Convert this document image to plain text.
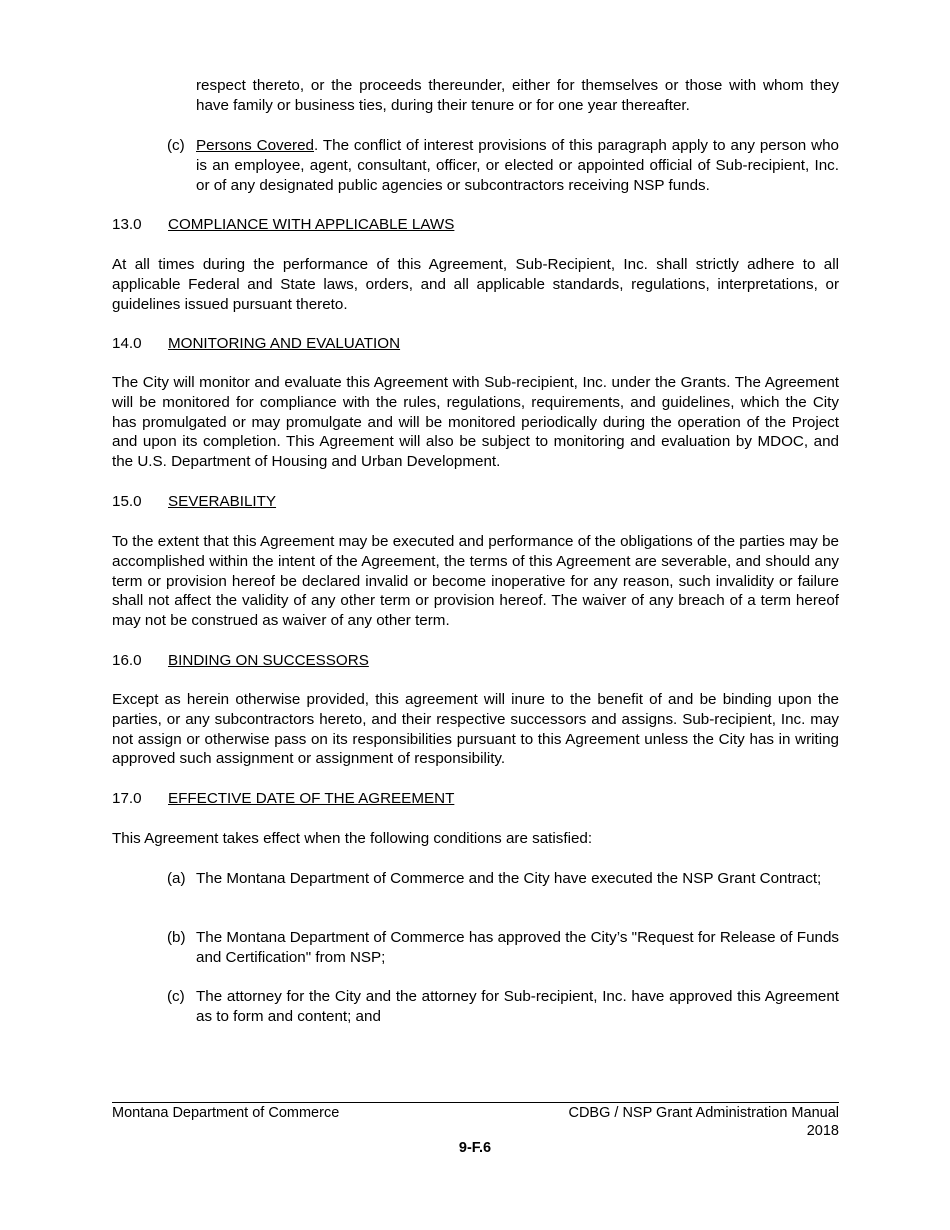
respect thereto, or the proceeds thereunder, either for themselves or those with whom they have family or business ties, during their tenure or for one year thereafter.
(c) Persons Covered. The conflict of interest provisions of this paragraph apply to any person who is an employee, agent, consultant, officer, or elected or appointed official of Sub-recipient, Inc. or of any designated public agencies or subcontractors receiving NSP funds.
13.0 COMPLIANCE WITH APPLICABLE LAWS
At all times during the performance of this Agreement, Sub-Recipient, Inc. shall strictly adhere to all applicable Federal and State laws, orders, and all applicable standards, regulations, interpretations, or guidelines issued pursuant thereto.
14.0 MONITORING AND EVALUATION
The City will monitor and evaluate this Agreement with Sub-recipient, Inc. under the Grants. The Agreement will be monitored for compliance with the rules, regulations, requirements, and guidelines, which the City has promulgated or may promulgate and will be monitored periodically during the operation of the Project and upon its completion. This Agreement will also be subject to monitoring and evaluation by MDOC, and the U.S. Department of Housing and Urban Development.
15.0 SEVERABILITY
To the extent that this Agreement may be executed and performance of the obligations of the parties may be accomplished within the intent of the Agreement, the terms of this Agreement are severable, and should any term or provision hereof be declared invalid or become inoperative for any reason, such invalidity or failure shall not affect the validity of any other term or provision hereof. The waiver of any breach of a term hereof may not be construed as waiver of any other term.
16.0 BINDING ON SUCCESSORS
Except as herein otherwise provided, this agreement will inure to the benefit of and be binding upon the parties, or any subcontractors hereto, and their respective successors and assigns. Sub-recipient, Inc. may not assign or otherwise pass on its responsibilities pursuant to this Agreement unless the City has in writing approved such assignment or assignment of responsibility.
17.0 EFFECTIVE DATE OF THE AGREEMENT
This Agreement takes effect when the following conditions are satisfied:
(a) The Montana Department of Commerce and the City have executed the NSP Grant Contract;
(b) The Montana Department of Commerce has approved the City’s "Request for Release of Funds and Certification" from NSP;
(c) The attorney for the City and the attorney for Sub-recipient, Inc. have approved this Agreement as to form and content; and
Montana Department of Commerce	CDBG / NSP Grant Administration Manual
2018
9-F.6
